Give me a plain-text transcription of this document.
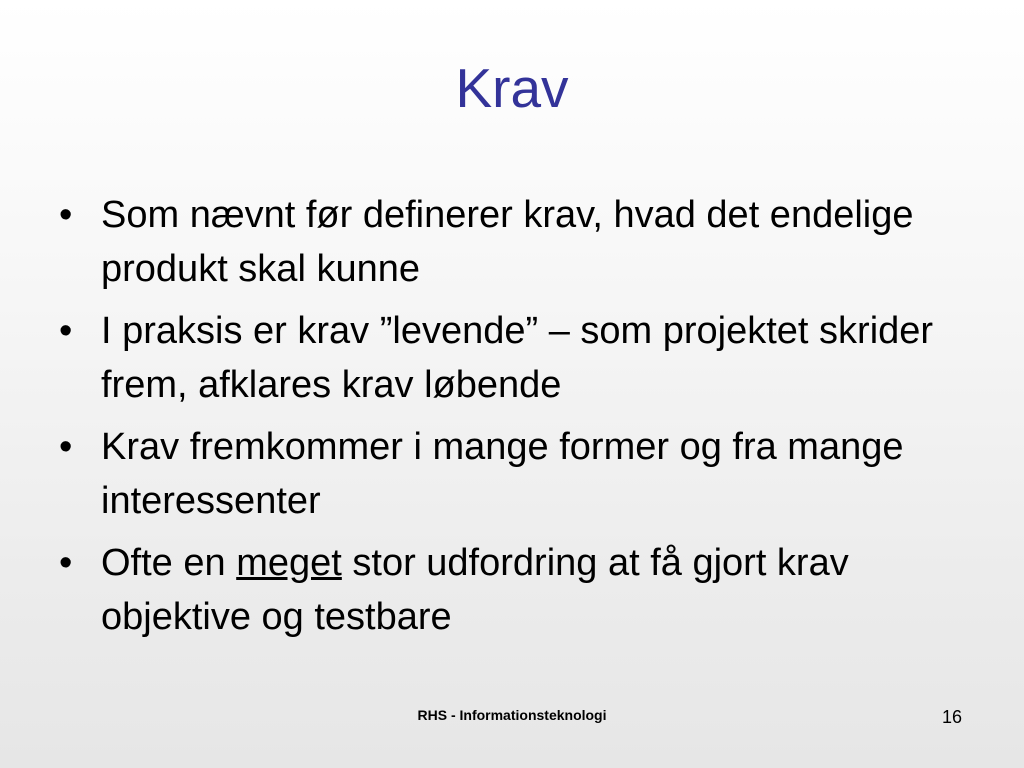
Krav
• Som nævnt før definerer krav, hvad det endelige produkt skal kunne
• I praksis er krav ”levende” – som projektet skrider frem, afklares krav løbende
• Krav fremkommer i mange former og fra mange interessenter
• Ofte en meget stor udfordring at få gjort krav objektive og testbare
RHS - Informationsteknologi	16
